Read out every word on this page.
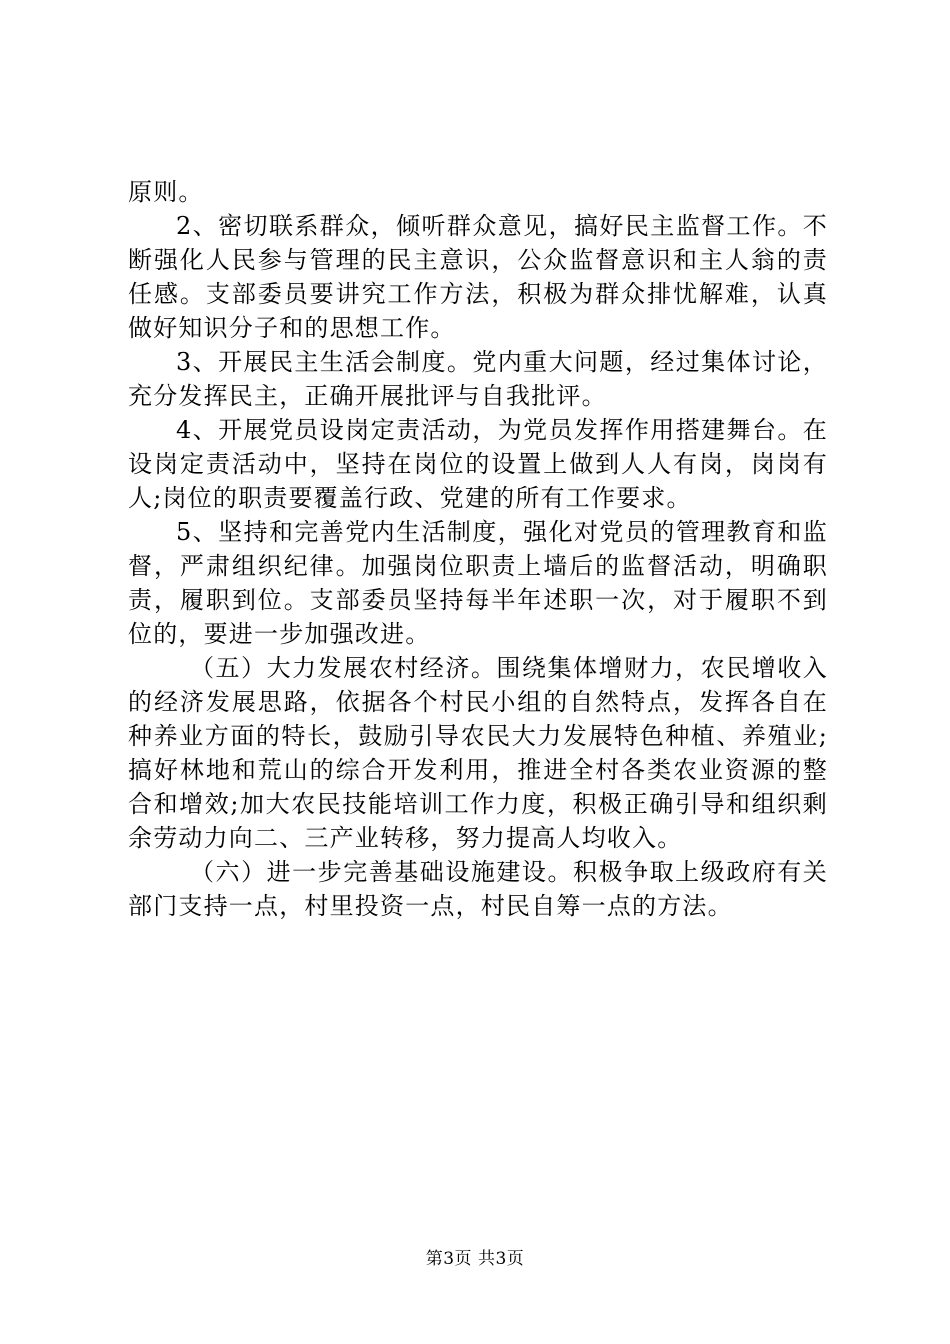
原则。

2、密切联系群众，倾听群众意见，搞好民主监督工作。不断强化人民参与管理的民主意识，公众监督意识和主人翁的责任感。支部委员要讲究工作方法，积极为群众排忧解难，认真做好知识分子和的思想工作。

3、开展民主生活会制度。党内重大问题，经过集体讨论，充分发挥民主，正确开展批评与自我批评。

4、开展党员设岗定责活动，为党员发挥作用搭建舞台。在设岗定责活动中，坚持在岗位的设置上做到人人有岗，岗岗有人;岗位的职责要覆盖行政、党建的所有工作要求。

5、坚持和完善党内生活制度，强化对党员的管理教育和监督，严肃组织纪律。加强岗位职责上墙后的监督活动，明确职责，履职到位。支部委员坚持每半年述职一次，对于履职不到位的，要进一步加强改进。

（五）大力发展农村经济。围绕集体增财力，农民增收入的经济发展思路，依据各个村民小组的自然特点，发挥各自在种养业方面的特长，鼓励引导农民大力发展特色种植、养殖业;搞好林地和荒山的综合开发利用，推进全村各类农业资源的整合和增效;加大农民技能培训工作力度，积极正确引导和组织剩余劳动力向二、三产业转移，努力提高人均收入。

（六）进一步完善基础设施建设。积极争取上级政府有关部门支持一点，村里投资一点，村民自筹一点的方法。

第3页 共3页
